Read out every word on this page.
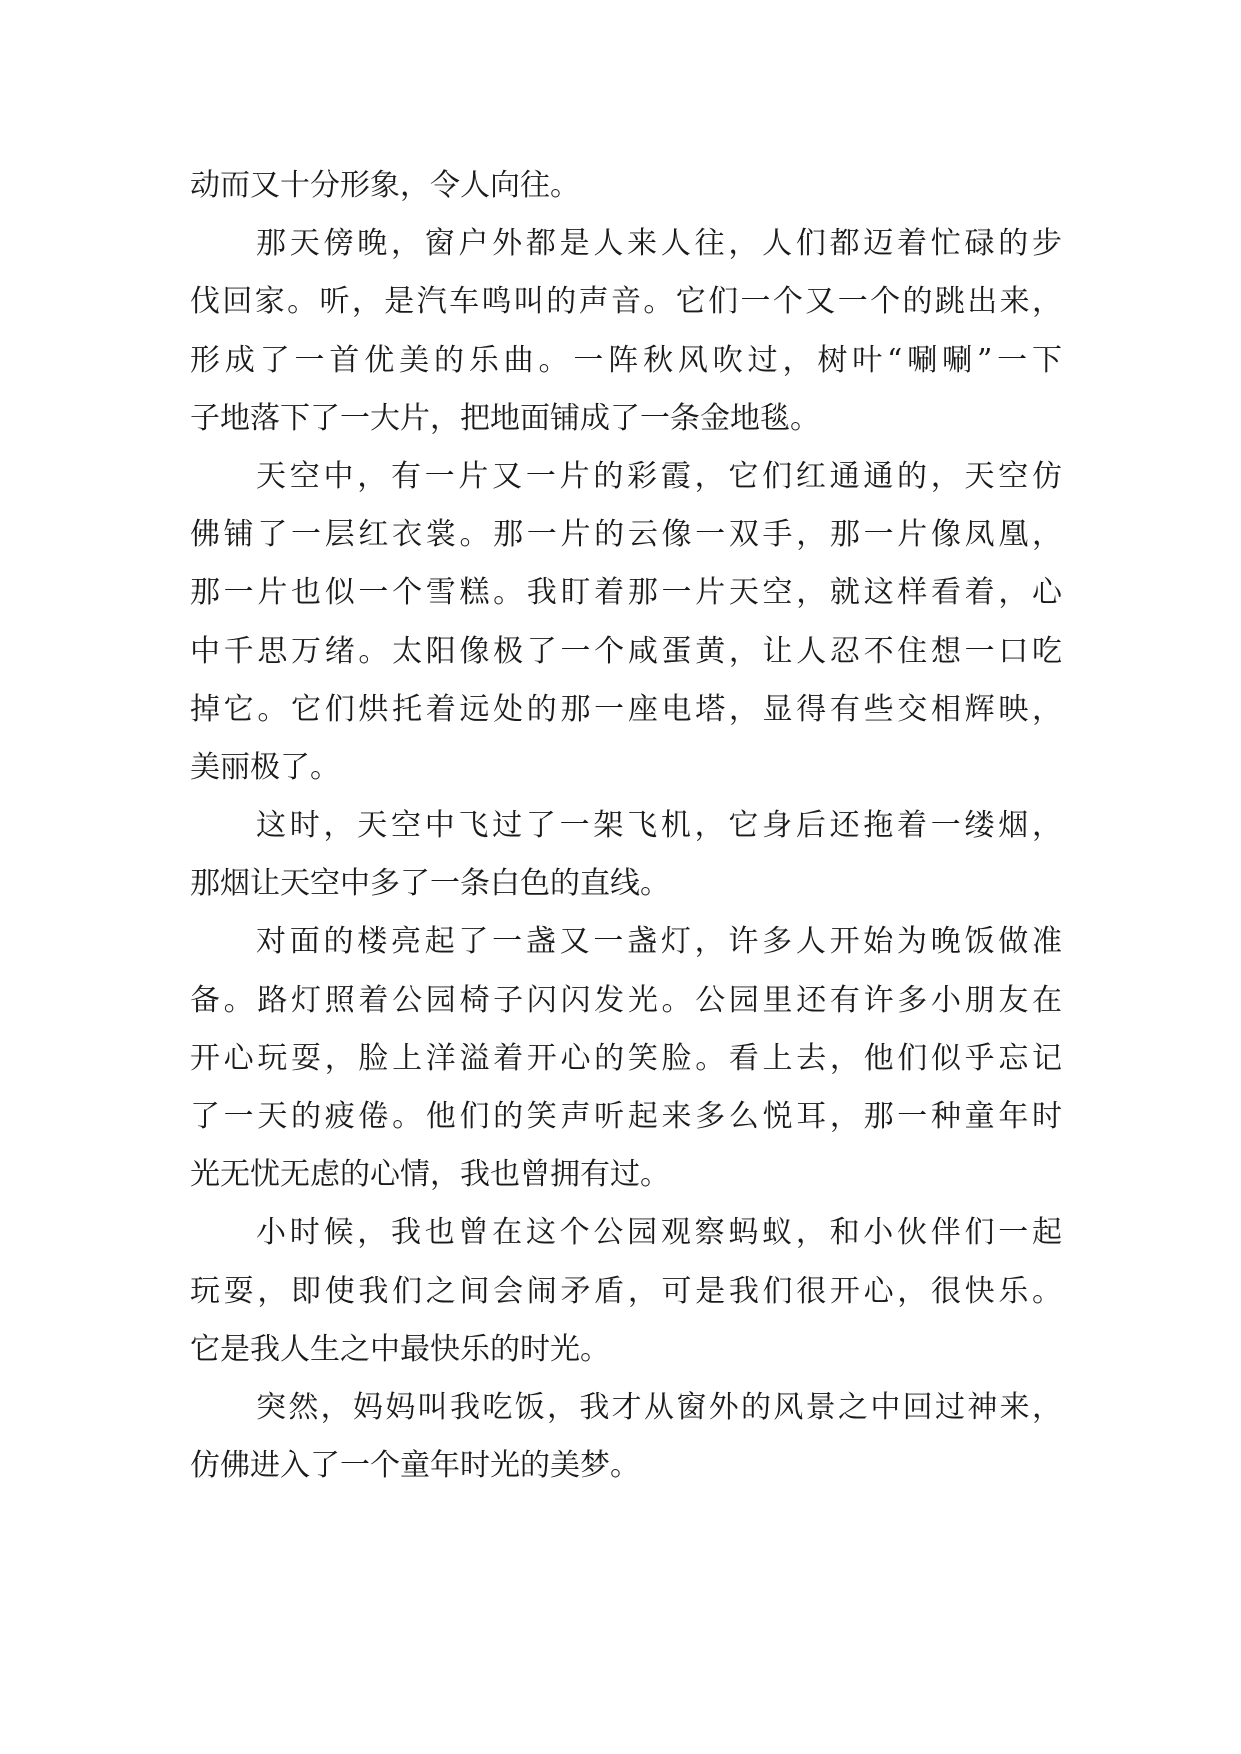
动而又十分形象，令人向往。
那天傍晚，窗户外都是人来人往，人们都迈着忙碌的步
伐回家。听，是汽车鸣叫的声音。它们一个又一个的跳出来，
形成了一首优美的乐曲。一阵秋风吹过，树叶“唰唰”一下
子地落下了一大片，把地面铺成了一条金地毯。
天空中，有一片又一片的彩霞，它们红通通的，天空仿
佛铺了一层红衣裳。那一片的云像一双手，那一片像凤凰，
那一片也似一个雪糕。我盯着那一片天空，就这样看着，心
中千思万绪。太阳像极了一个咸蛋黄，让人忍不住想一口吃
掉它。它们烘托着远处的那一座电塔，显得有些交相辉映，
美丽极了。
这时，天空中飞过了一架飞机，它身后还拖着一缕烟，
那烟让天空中多了一条白色的直线。
对面的楼亮起了一盏又一盏灯，许多人开始为晚饭做准
备。路灯照着公园椅子闪闪发光。公园里还有许多小朋友在
开心玩耍，脸上洋溢着开心的笑脸。看上去，他们似乎忘记
了一天的疲倦。他们的笑声听起来多么悦耳，那一种童年时
光无忧无虑的心情，我也曾拥有过。
小时候，我也曾在这个公园观察蚂蚁，和小伙伴们一起
玩耍，即使我们之间会闹矛盾，可是我们很开心，很快乐。
它是我人生之中最快乐的时光。
突然，妈妈叫我吃饭，我才从窗外的风景之中回过神来，
仿佛进入了一个童年时光的美梦。
